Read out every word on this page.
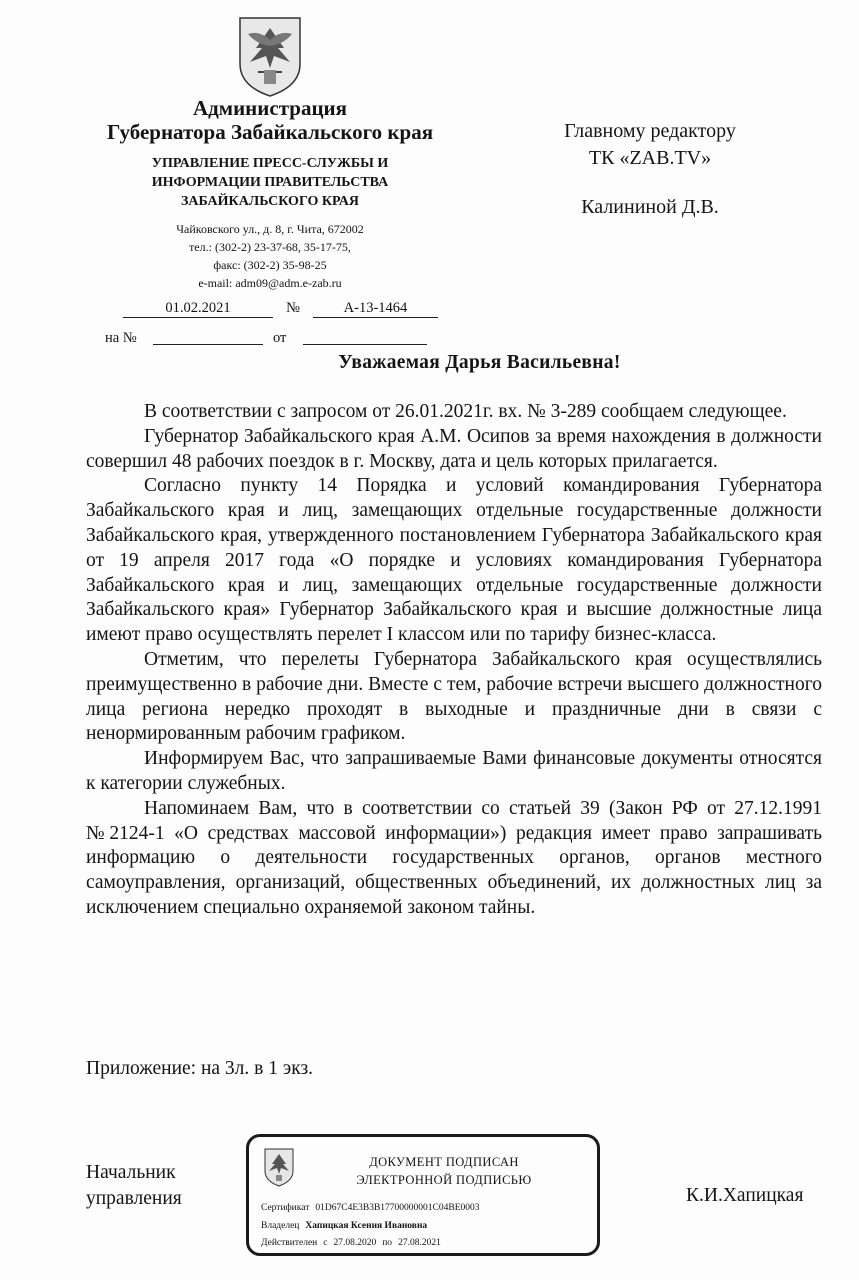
Администрация
Губернатора Забайкальского края
УПРАВЛЕНИЕ ПРЕСС-СЛУЖБЫ И
ИНФОРМАЦИИ ПРАВИТЕЛЬСТВА
ЗАБАЙКАЛЬСКОГО КРАЯ
Чайковского ул., д. 8, г. Чита, 672002
тел.: (302-2) 23-37-68, 35-17-75,
факс: (302-2) 35-98-25
e-mail: adm09@adm.e-zab.ru
01.02.2021	№	А-13-1464
на №	от
Главному редактору
ТК «ZAB.TV»
Калининой Д.В.
Уважаемая Дарья Васильевна!

В соответствии с запросом от 26.01.2021г. вх. № 3-289 сообщаем следующее.

Губернатор Забайкальского края А.М. Осипов за время нахождения в должности совершил 48 рабочих поездок в г. Москву, дата и цель которых прилагается.

Согласно пункту 14 Порядка и условий командирования Губернатора Забайкальского края и лиц, замещающих отдельные государственные должности Забайкальского края, утвержденного постановлением Губернатора Забайкальского края от 19 апреля 2017 года «О порядке и условиях командирования Губернатора Забайкальского края и лиц, замещающих отдельные государственные должности Забайкальского края» Губернатор Забайкальского края и высшие должностные лица имеют право осуществлять перелет I классом или по тарифу бизнес-класса.

Отметим, что перелеты Губернатора Забайкальского края осуществлялись преимущественно в рабочие дни. Вместе с тем, рабочие встречи высшего должностного лица региона нередко проходят в выходные и праздничные дни в связи с ненормированным рабочим графиком.

Информируем Вас, что запрашиваемые Вами финансовые документы относятся к категории служебных.

Напоминаем Вам, что в соответствии со статьей 39 (Закон РФ от 27.12.1991 №2124-1 «О средствах массовой информации») редакция имеет право запрашивать информацию о деятельности государственных органов, органов местного самоуправления, организаций, общественных объединений, их должностных лиц за исключением специально охраняемой законом тайны.

Приложение: на 3л. в 1 экз.
Начальник
управления
ДОКУМЕНТ ПОДПИСАН
ЭЛЕКТРОННОЙ ПОДПИСЬЮ
Сертификат 01D67C4E3B3B17700000001C04BE0003
Владелец Хапицкая Ксения Ивановна
Действителен с 27.08.2020 по 27.08.2021
К.И.Хапицкая
